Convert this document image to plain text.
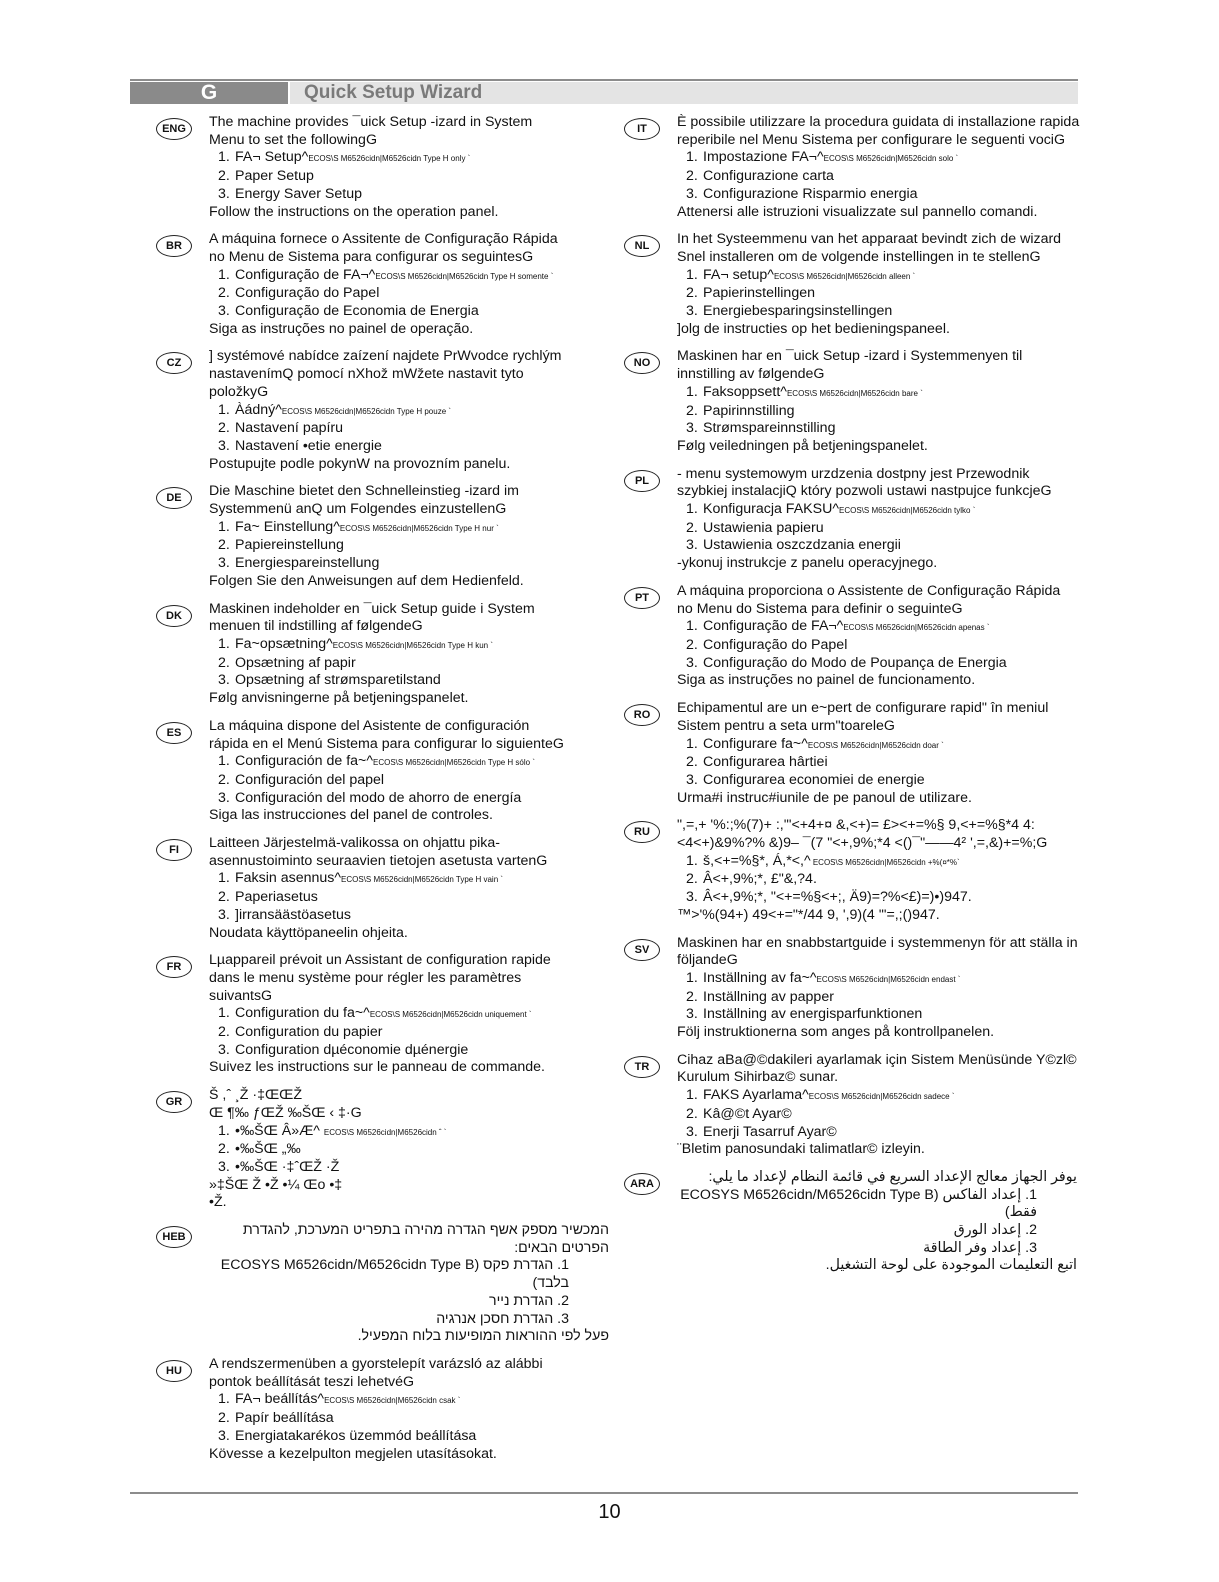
G	Quick Setup Wizard
ENG	The machine provides ¯uick Setup -izard in System Menu to set the followingG

1. FA¬ Setup^ECOS\S M6526cidn|M6526cidn Type H only `
2. Paper Setup
3. Energy Saver Setup

Follow the instructions on the operation panel.

BR	A máquina fornece o Assitente de Configuração Rápida no Menu de Sistema para configurar os seguintesG

1. Configuração de FA¬^ECOS\S M6526cidn|M6526cidn Type H somente `
2. Configuração do Papel
3. Configuração de Economia de Energia

Siga as instruções no painel de operação.

CZ	] systémové nabídce zaízení najdete PrWvodce rychlým nastavenímQ pomocí nXhož mWžete nastavit tyto položkyG

1. Àádný^ECOS\S M6526cidn|M6526cidn Type H pouze `
2. Nastavení papíru
3. Nastavení •etie energie

Postupujte podle pokynW na provozním panelu.

DE	Die Maschine bietet den Schnelleinstieg -izard im Systemmenü anQ um Folgendes einzustellenG

1. Fa~ Einstellung^ECOS\S M6526cidn|M6526cidn Type H nur `
2. Papiereinstellung
3. Energiespareinstellung

Folgen Sie den Anweisungen auf dem Hedienfeld.

DK	Maskinen indeholder en ¯uick Setup guide i System menuen til indstilling af følgendeG

1. Fa~opsætning^ECOS\S M6526cidn|M6526cidn Type H kun `
2. Opsætning af papir
3. Opsætning af strømsparetilstand

Følg anvisningerne på betjeningspanelet.

ES	La máquina dispone del Asistente de configuración rápida en el Menú Sistema para configurar lo siguienteG

1. Configuración de fa~^ECOS\S M6526cidn|M6526cidn Type H sólo `
2. Configuración del papel
3. Configuración del modo de ahorro de energía

Siga las instrucciones del panel de controles.

FI	Laitteen Järjestelmä-valikossa on ohjattu pika-asennustoiminto seuraavien tietojen asetusta vartenG

1. Faksin asennus^ECOS\S M6526cidn|M6526cidn Type H vain `
2. Paperiasetus
3. ]irransäästöasetus

Noudata käyttöpaneelin ohjeita.

FR	Lµappareil prévoit un Assistant de configuration rapide dans le menu système pour régler les paramètres suivantsG

1. Configuration du fa~^ECOS\S M6526cidn|M6526cidn uniquement `
2. Configuration du papier
3. Configuration dµéconomie dµénergie

Suivez les instructions sur le panneau de commande.

GR	Š ,ˆ ¸Ž ·‡ŒŒŽ
Œ ¶‰ ƒŒŽ ‰ŠŒ ‹ ‡·G

1. •‰ŠŒ Â»Æ^ ECOS\S M6526cidn|M6526cidn ˆ `
2. •‰ŠŒ „‰
3. •‰ŠŒ ·‡ˆŒŽ ·Ž

»‡ŠŒ Ž •Ž •¼ Œo •‡
•Ž.

HEB	המכשיר מספק אשף הגדרה מהירה בתפריט המערכת, להגדרת הפרטים הבאים:

1. הגדרת פקס (ECOSYS M6526cidn/M6526cidn Type B בלבד)

2. הגדרת נייר

3. הגדרת חסכן אנרגיה

פעל לפי ההוראות המופיעות בלוח המפעיל.

HU	A rendszermenüben a gyorstelepít varázsló az alábbi pontok beállítását teszi lehetvéG

1. FA¬ beállítás^ECOS\S M6526cidn|M6526cidn csak `
2. Papír beállítása
3. Energiatakarékos üzemmód beállítása

Kövesse a kezelpulton megjelen utasításokat.

IT	È possibile utilizzare la procedura guidata di installazione rapida reperibile nel Menu Sistema per configurare le seguenti vociG

1. Impostazione FA¬^ECOS\S M6526cidn|M6526cidn solo `
2. Configurazione carta
3. Configurazione Risparmio energia

Attenersi alle istruzioni visualizzate sul pannello comandi.

NL	In het Systeemmenu van het apparaat bevindt zich de wizard Snel installeren om de volgende instellingen in te stellenG

1. FA¬ setup^ECOS\S M6526cidn|M6526cidn alleen `
2. Papierinstellingen
3. Energiebesparingsinstellingen

]olg de instructies op het bedieningspaneel.

NO	Maskinen har en ¯uick Setup -izard i Systemmenyen til innstilling av følgendeG

1. Faksoppsett^ECOS\S M6526cidn|M6526cidn bare `
2. Papirinnstilling
3. Strømspareinnstilling

Følg veiledningen på betjeningspanelet.

PL	- menu systemowym urzdzenia dostpny jest Przewodnik szybkiej instalacjiQ który pozwoli ustawi nastpujce funkcjeG

1. Konfiguracja FAKSU^ECOS\S M6526cidn|M6526cidn tylko `
2. Ustawienia papieru
3. Ustawienia oszczdzania energii

-ykonuj instrukcje z panelu operacyjnego.

PT	A máquina proporciona o Assistente de Configuração Rápida no Menu do Sistema para definir o seguinteG

1. Configuração de FA¬^ECOS\S M6526cidn|M6526cidn apenas `
2. Configuração do Papel
3. Configuração do Modo de Poupança de Energia

Siga as instruções no painel de funcionamento.

RO	Echipamentul are un e~pert de configurare rapid" în meniul Sistem pentru a seta urm"toareleG

1. Configurare fa~^ECOS\S M6526cidn|M6526cidn doar `
2. Configurarea hârtiei
3. Configurarea economiei de energie

Urma#i instruc#iunile de pe panoul de utilizare.

RU	",=,+ '%:;%(7)+ :,'"<+4+¤ &,<+)= £><+=%§ 9,<+=%§*4 4: <4<+)&9%?% &)9– ¯(7 "<+,9%;*4 <()¯"——4² ',=,&)+=%;G

1. š,<+=%§*, Á,*<,^ ECOS\S M6526cidn|M6526cidn +%(¤*%`
2. Â<+,9%;*, £"&,?4.
3. Â<+,9%;*, "<+=%§<+;, Ä9)=?%<£)=)•)947.

™>'%(94+) 49<+="*/44 9, ',9)(4 '"=,;()947.

SV	Maskinen har en snabbstartguide i systemmenyn för att ställa in följandeG

1. Inställning av fa~^ECOS\S M6526cidn|M6526cidn endast `
2. Inställning av papper
3. Inställning av energisparfunktionen

Följ instruktionerna som anges på kontrollpanelen.

TR	Cihaz aBa@©dakileri ayarlamak için Sistem Menüsünde Y©zl© Kurulum Sihirbaz© sunar.

1. FAKS Ayarlama^ECOS\S M6526cidn|M6526cidn sadece `
2. Kâ@©t Ayar©
3. Enerji Tasarruf Ayar©

¨Bletim panosundaki talimatlar© izleyin.

ARA	يوفر الجهاز معالج الإعداد السريع في قائمة النظام لإعداد ما يلي:

1. إعداد الفاكس (ECOSYS M6526cidn/M6526cidn Type B فقط)

2. إعداد الورق

3. إعداد وفر الطاقة

اتبع التعليمات الموجودة على لوحة التشغيل.

10
